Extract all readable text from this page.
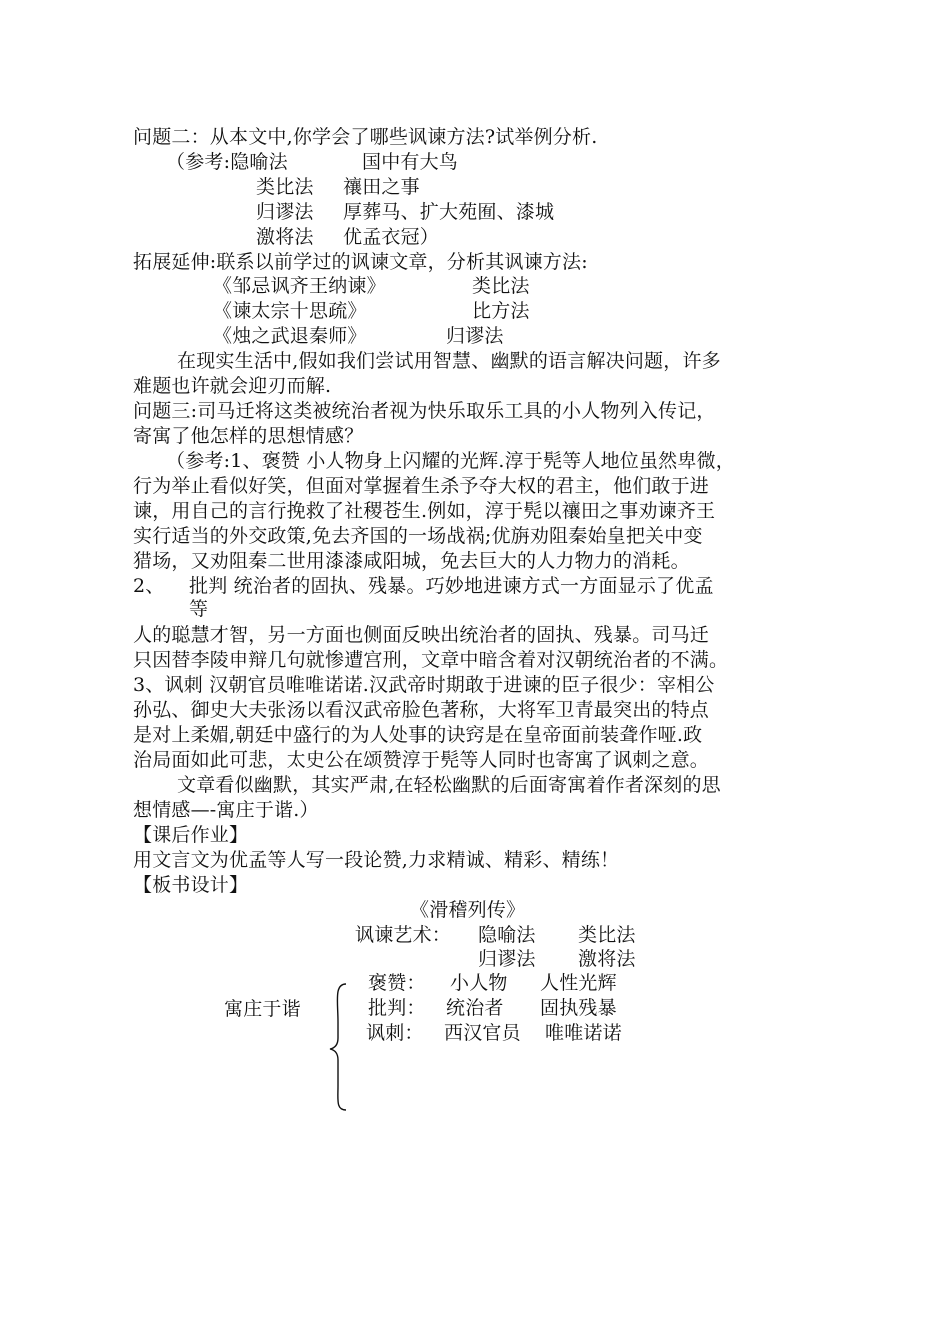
问题二：从本文中,你学会了哪些讽谏方法?试举例分析.
（参考:隐喻法	国中有大鸟
类比法 禳田之事
归谬法 厚葬马、扩大苑囿、漆城
激将法 优孟衣冠）
拓展延伸:联系以前学过的讽谏文章，分析其讽谏方法:
《邹忌讽齐王纳谏》	类比法
《谏太宗十思疏》	比方法
《烛之武退秦师》	归谬法
在现实生活中,假如我们尝试用智慧、幽默的语言解决问题，许多
难题也许就会迎刃而解.
问题三:司马迁将这类被统治者视为快乐取乐工具的小人物列入传记，
寄寓了他怎样的思想情感？
（参考:1、褒赞 小人物身上闪耀的光辉.淳于髡等人地位虽然卑微，
行为举止看似好笑，但面对掌握着生杀予夺大权的君主，他们敢于进
谏，用自己的言行挽救了社稷苍生.例如，淳于髡以禳田之事劝谏齐王
实行适当的外交政策,免去齐国的一场战祸;优旃劝阻秦始皇把关中变
猎场，又劝阻秦二世用漆漆咸阳城，免去巨大的人力物力的消耗。
2、 批判 统治者的固执、残暴。巧妙地进谏方式一方面显示了优孟
等
人的聪慧才智，另一方面也侧面反映出统治者的固执、残暴。司马迁
只因替李陵申辩几句就惨遭宫刑，文章中暗含着对汉朝统治者的不满。
3、讽刺 汉朝官员唯唯诺诺.汉武帝时期敢于进谏的臣子很少：宰相公
孙弘、御史大夫张汤以看汉武帝脸色著称，大将军卫青最突出的特点
是对上柔媚,朝廷中盛行的为人处事的诀窍是在皇帝面前装聋作哑.政
治局面如此可悲，太史公在颂赞淳于髡等人同时也寄寓了讽刺之意。
文章看似幽默，其实严肃,在轻松幽默的后面寄寓着作者深刻的思
想情感—-寓庄于谐.）
【课后作业】
用文言文为优孟等人写一段论赞,力求精诚、精彩、精练！
【板书设计】
《滑稽列传》
讽谏艺术： 隐喻法 类比法
归谬法 激将法
寓庄于谐
褒赞： 小人物 人性光辉
批判： 统治者 固执残暴
讽刺： 西汉官员 唯唯诺诺
